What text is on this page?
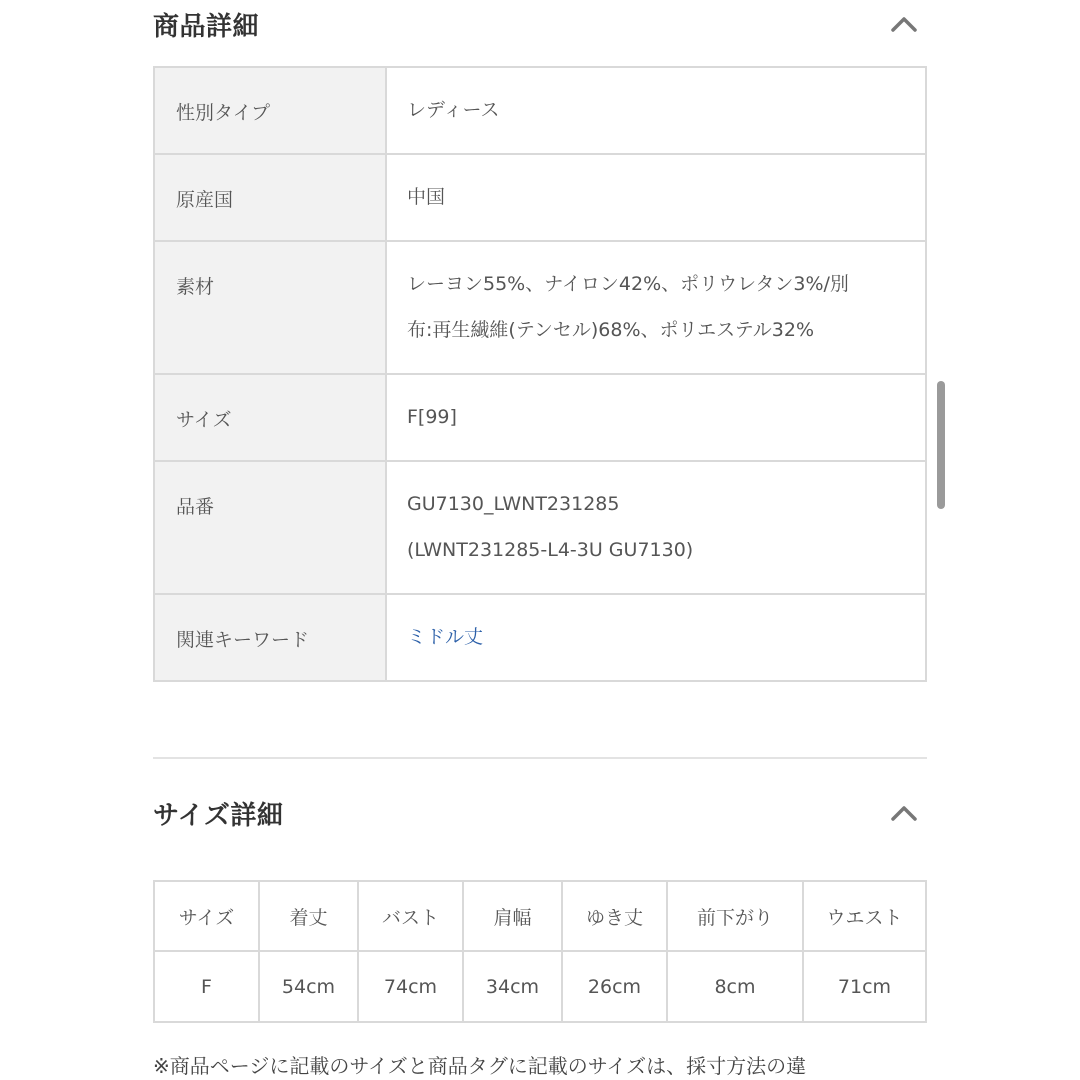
商品詳細
性別タイプ	レディース

原産国	中国

素材	レーヨン55%、ナイロン42%、ポリウレタン3%/別
布:再生繊維(テンセル)68%、ポリエステル32%

サイズ	F[99]

品番	GU7130_LWNT231285
(LWNT231285-L4-3U GU7130)

関連キーワード	ミドル丈
サイズ詳細
サイズ	着丈	バスト	肩幅	ゆき丈	前下がり	ウエスト
F	54cm	74cm	34cm	26cm	8cm	71cm
※商品ページに記載のサイズと商品タグに記載のサイズは、採寸方法の違
